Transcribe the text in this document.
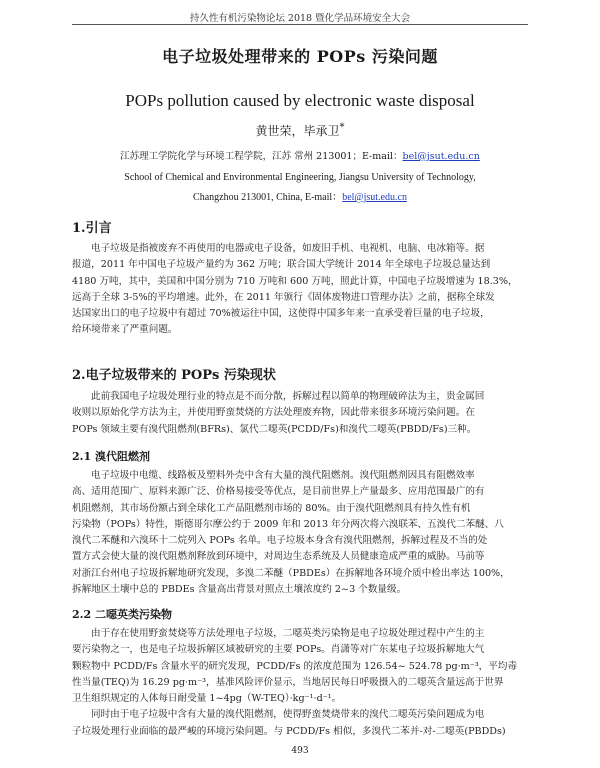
持久性有机污染物论坛 2018 暨化学品环境安全大会
电子垃圾处理带来的 POPs 污染问题
POPs pollution caused by electronic waste disposal
黄世荣，毕承卫*
江苏理工学院化学与环境工程学院，江苏 常州 213001；E-mail：bel@jsut.edu.cn
School of Chemical and Environmental Engineering, Jiangsu University of Technology,
Changzhou 213001, China, E-mail：bel@jsut.edu.cn
1.引言
电子垃圾是指被废弃不再使用的电器或电子设备，如废旧手机、电视机、电脑、电冰箱等。据
报道，2011 年中国电子垃圾产量约为 362 万吨；联合国大学统计 2014 年全球电子垃圾总量达到
4180 万吨，其中，美国和中国分别为 710 万吨和 600 万吨，照此计算，中国电子垃圾增速为 18.3%，
远高于全球 3-5%的平均增速。此外，在 2011 年颁行《固体废物进口管理办法》之前，据称全球发
达国家出口的电子垃圾中有超过 70%被运往中国，这使得中国多年来一直承受着巨量的电子垃圾，
给环境带来了严重问题。
2.电子垃圾带来的 POPs 污染现状
此前我国电子垃圾处理行业的特点是不而分散，拆解过程以简单的物理破碎法为主，贵金属回
收则以原始化学方法为主，并使用野蛮焚烧的方法处理废弃物，因此带来很多环境污染问题。在
POPs 领域主要有溴代阻燃剂(BFRs)、氯代二噁英(PCDD/Fs)和溴代二噁英(PBDD/Fs)三种。
2.1 溴代阻燃剂
电子垃圾中电缆、线路板及塑料外壳中含有大量的溴代阻燃剂。溴代阻燃剂因具有阻燃效率
高、适用范围广、原料来源广泛、价格易接受等优点，是目前世界上产量最多、应用范围最广的有
机阻燃剂，其市场份额占到全球化工产品阻燃剂市场的 80%。由于溴代阻燃剂具有持久性有机
污染物（POPs）特性，斯德哥尔摩公约于 2009 年和 2013 年分两次将六溴联苯、五溴代二苯醚、八
溴代二苯醚和六溴环十二烷列入 POPs 名单。电子垃圾本身含有溴代阻燃剂，拆解过程及不当的处
置方式会使大量的溴代阻燃剂释放到环境中，对周边生态系统及人员健康造成严重的威胁。马前等
对浙江台州电子垃圾拆解地研究发现，多溴二苯醚（PBDEs）在拆解地各环境介质中检出率达 100%，
拆解地区土壤中总的 PBDEs 含量高出背景对照点土壤浓度约 2~3 个数量级。
2.2 二噁英类污染物
由于存在使用野蛮焚烧等方法处理电子垃圾，二噁英类污染物是电子垃圾处理过程中产生的主
要污染物之一，也是电子垃圾拆解区域被研究的主要 POPs。肖潇等对广东某电子垃圾拆解地大气
颗粒物中 PCDD/Fs 含量水平的研究发现，PCDD/Fs 的浓度范围为 126.54~ 524.78 pg·m⁻³，平均毒
性当量(TEQ)为 16.29 pg·m⁻³，基准风险评价显示，当地居民每日呼吸摄入的二噁英含量远高于世界
卫生组织规定的人体每日耐受量 1~4pg（W-TEQ）·kg⁻¹·d⁻¹。
同时由于电子垃圾中含有大量的溴代阻燃剂，使得野蛮焚烧带来的溴代二噁英污染问题成为电
子垃圾处理行业面临的最严峻的环境污染问题。与 PCDD/Fs 相似，多溴代二苯并-对-二噁英(PBDDs)
493
